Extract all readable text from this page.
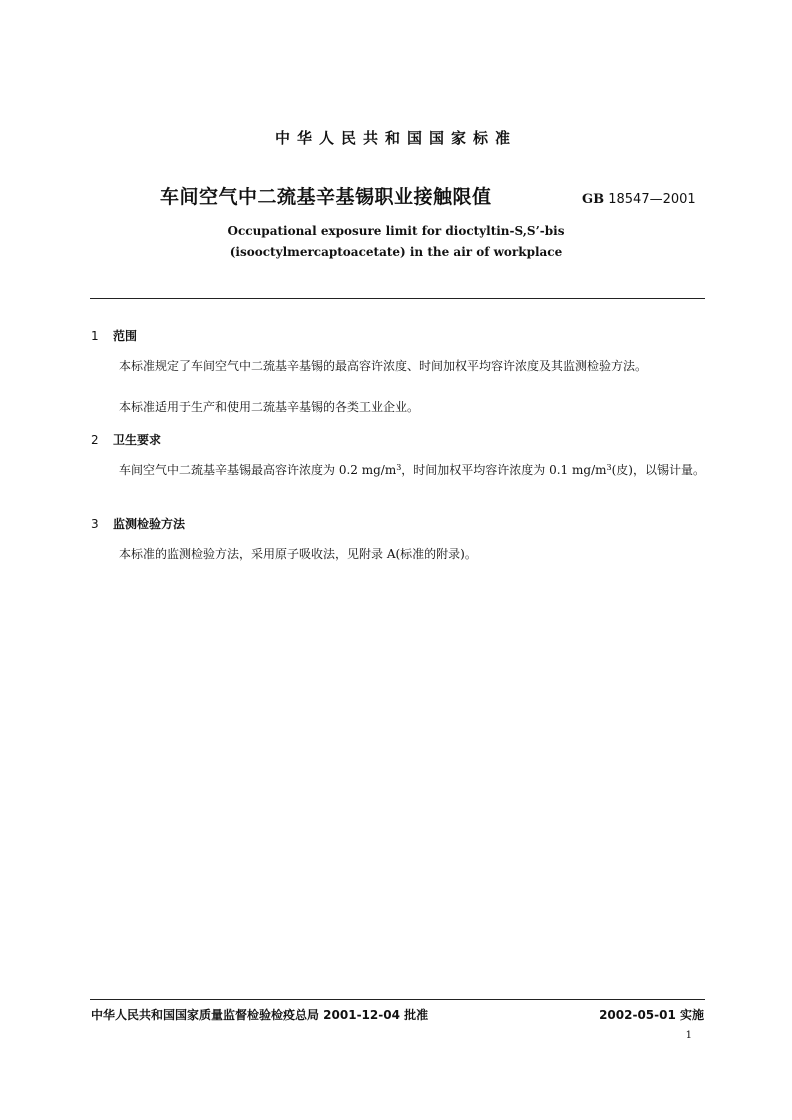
中华人民共和国国家标准
车间空气中二巯基辛基锡职业接触限值	GB 18547—2001
Occupational exposure limit for dioctyltin-S,S’-bis
(isooctylmercaptoacetate) in the air of workplace
1 范围
本标准规定了车间空气中二巯基辛基锡的最高容许浓度、时间加权平均容许浓度及其监测检验方法。
本标准适用于生产和使用二巯基辛基锡的各类工业企业。
2 卫生要求
车间空气中二巯基辛基锡最高容许浓度为 0.2 $mg/m^3$，时间加权平均容许浓度为 0.1 $mg/m^3$(皮)，以锡计量。
3 监测检验方法
本标准的监测检验方法，采用原子吸收法，见附录 A(标准的附录)。
中华人民共和国国家质量监督检验检疫总局 2001-12-04 批准	2002-05-01 实施
1
